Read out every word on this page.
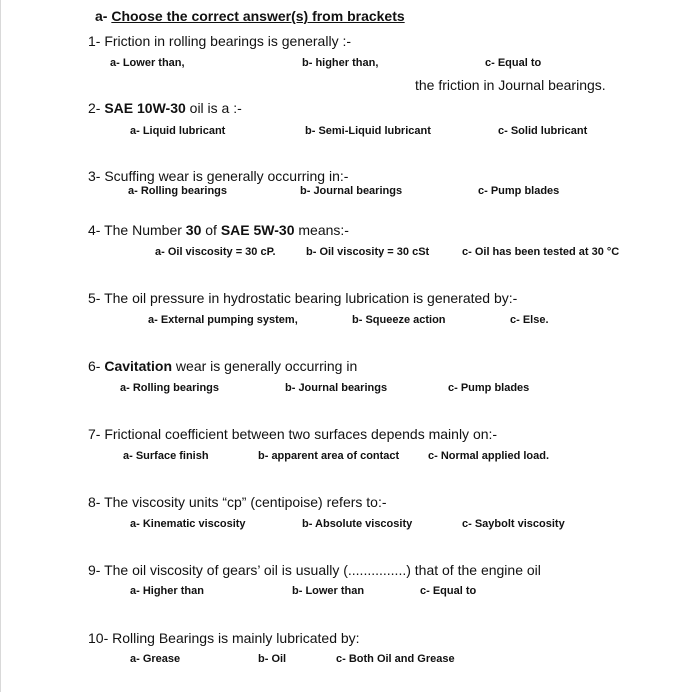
a- Choose the correct answer(s) from brackets
1- Friction in rolling bearings is generally :-
a- Lower than,	b- higher than,	c- Equal to
the friction in Journal bearings.
2- SAE 10W-30 oil is a :-
a- Liquid lubricant	b- Semi-Liquid lubricant	c- Solid lubricant
3- Scuffing wear is generally occurring in:-
a- Rolling bearings	b- Journal bearings	c- Pump blades
4- The Number 30 of SAE 5W-30 means:-
a- Oil viscosity = 30 cP.	b- Oil viscosity = 30 cSt	c- Oil has been tested at 30 °C
5- The oil pressure in hydrostatic bearing lubrication is generated by:-
a- External pumping system,	b- Squeeze action	c- Else.
6- Cavitation wear is generally occurring in
a- Rolling bearings	b- Journal bearings	c- Pump blades
7- Frictional coefficient between two surfaces depends mainly on:-
a- Surface finish	b- apparent area of contact	c- Normal applied load.
8- The viscosity units “cp” (centipoise) refers to:-
a- Kinematic viscosity	b- Absolute viscosity	c- Saybolt viscosity
9- The oil viscosity of gears’ oil is usually (...............) that of the engine oil
a- Higher than	b- Lower than	c- Equal to
10- Rolling Bearings is mainly lubricated by:
a- Grease	b- Oil	c- Both Oil and Grease
